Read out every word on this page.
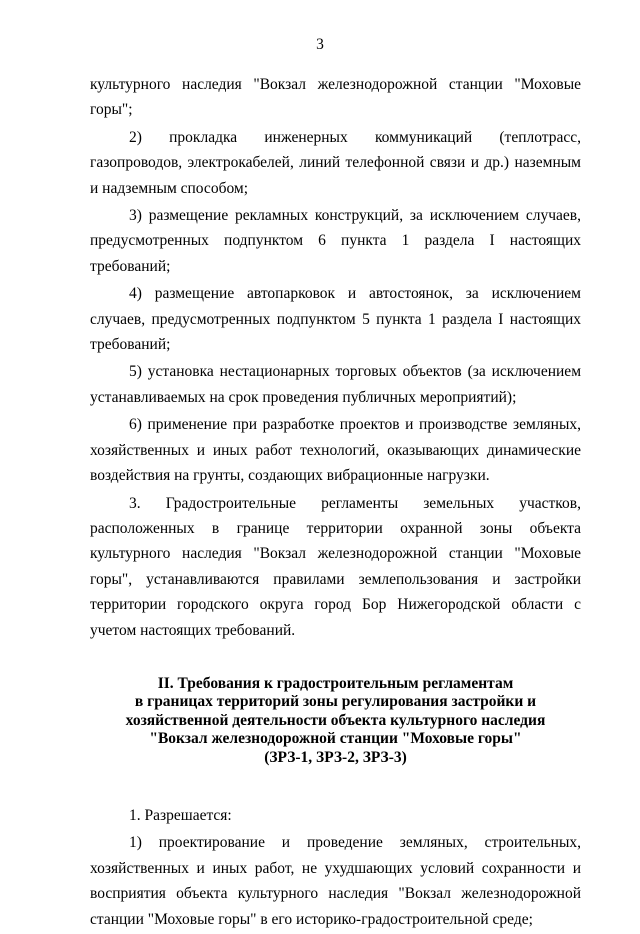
3

культурного наследия "Вокзал железнодорожной станции "Моховые горы";

2) прокладка инженерных коммуникаций (теплотрасс, газопроводов, электрокабелей, линий телефонной связи и др.) наземным и надземным способом;

3) размещение рекламных конструкций, за исключением случаев, предусмотренных подпунктом 6 пункта 1 раздела I настоящих требований;

4) размещение автопарковок и автостоянок, за исключением случаев, предусмотренных подпунктом 5 пункта 1 раздела I настоящих требований;

5) установка нестационарных торговых объектов (за исключением устанавливаемых на срок проведения публичных мероприятий);

6) применение при разработке проектов и производстве земляных, хозяйственных и иных работ технологий, оказывающих динамические воздействия на грунты, создающих вибрационные нагрузки.

3. Градостроительные регламенты земельных участков, расположенных в границе территории охранной зоны объекта культурного наследия "Вокзал железнодорожной станции "Моховые горы", устанавливаются правилами землепользования и застройки территории городского округа город Бор Нижегородской области с учетом настоящих требований.

II. Требования к градостроительным регламентам
в границах территорий зоны регулирования застройки и
хозяйственной деятельности объекта культурного наследия
"Вокзал железнодорожной станции "Моховые горы"
(ЗРЗ-1, ЗРЗ-2, ЗРЗ-3)

1. Разрешается:

1) проектирование и проведение земляных, строительных, хозяйственных и иных работ, не ухудшающих условий сохранности и восприятия объекта культурного наследия "Вокзал железнодорожной станции "Моховые горы" в его историко-градостроительной среде;
